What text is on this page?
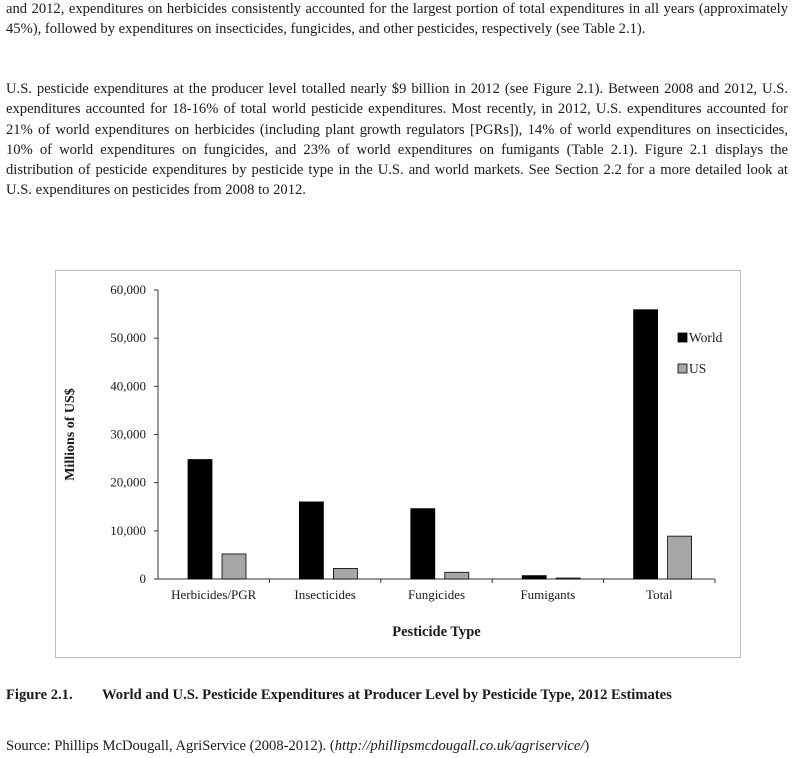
and 2012, expenditures on herbicides consistently accounted for the largest portion of total expenditures in all years (approximately 45%), followed by expenditures on insecticides, fungicides, and other pesticides, respectively (see Table 2.1).
U.S. pesticide expenditures at the producer level totalled nearly $9 billion in 2012 (see Figure 2.1). Between 2008 and 2012, U.S. expenditures accounted for 18-16% of total world pesticide expenditures. Most recently, in 2012, U.S. expenditures accounted for 21% of world expenditures on herbicides (including plant growth regulators [PGRs]), 14% of world expenditures on insecticides, 10% of world expenditures on fungicides, and 23% of world expenditures on fumigants (Table 2.1). Figure 2.1 displays the distribution of pesticide expenditures by pesticide type in the U.S. and world markets. See Section 2.2 for a more detailed look at U.S. expenditures on pesticides from 2008 to 2012.
0
10,000
20,000
30,000
40,000
50,000
60,000
Millions of US$
Herbicides/PGR	Insecticides	Fungicides	Fumigants	Total
Pesticide Type
World
US
Figure 2.1. World and U.S. Pesticide Expenditures at Producer Level by Pesticide Type, 2012 Estimates
Source: Phillips McDougall, AgriService (2008-2012). (http://phillipsmcdougall.co.uk/agriservice/)
